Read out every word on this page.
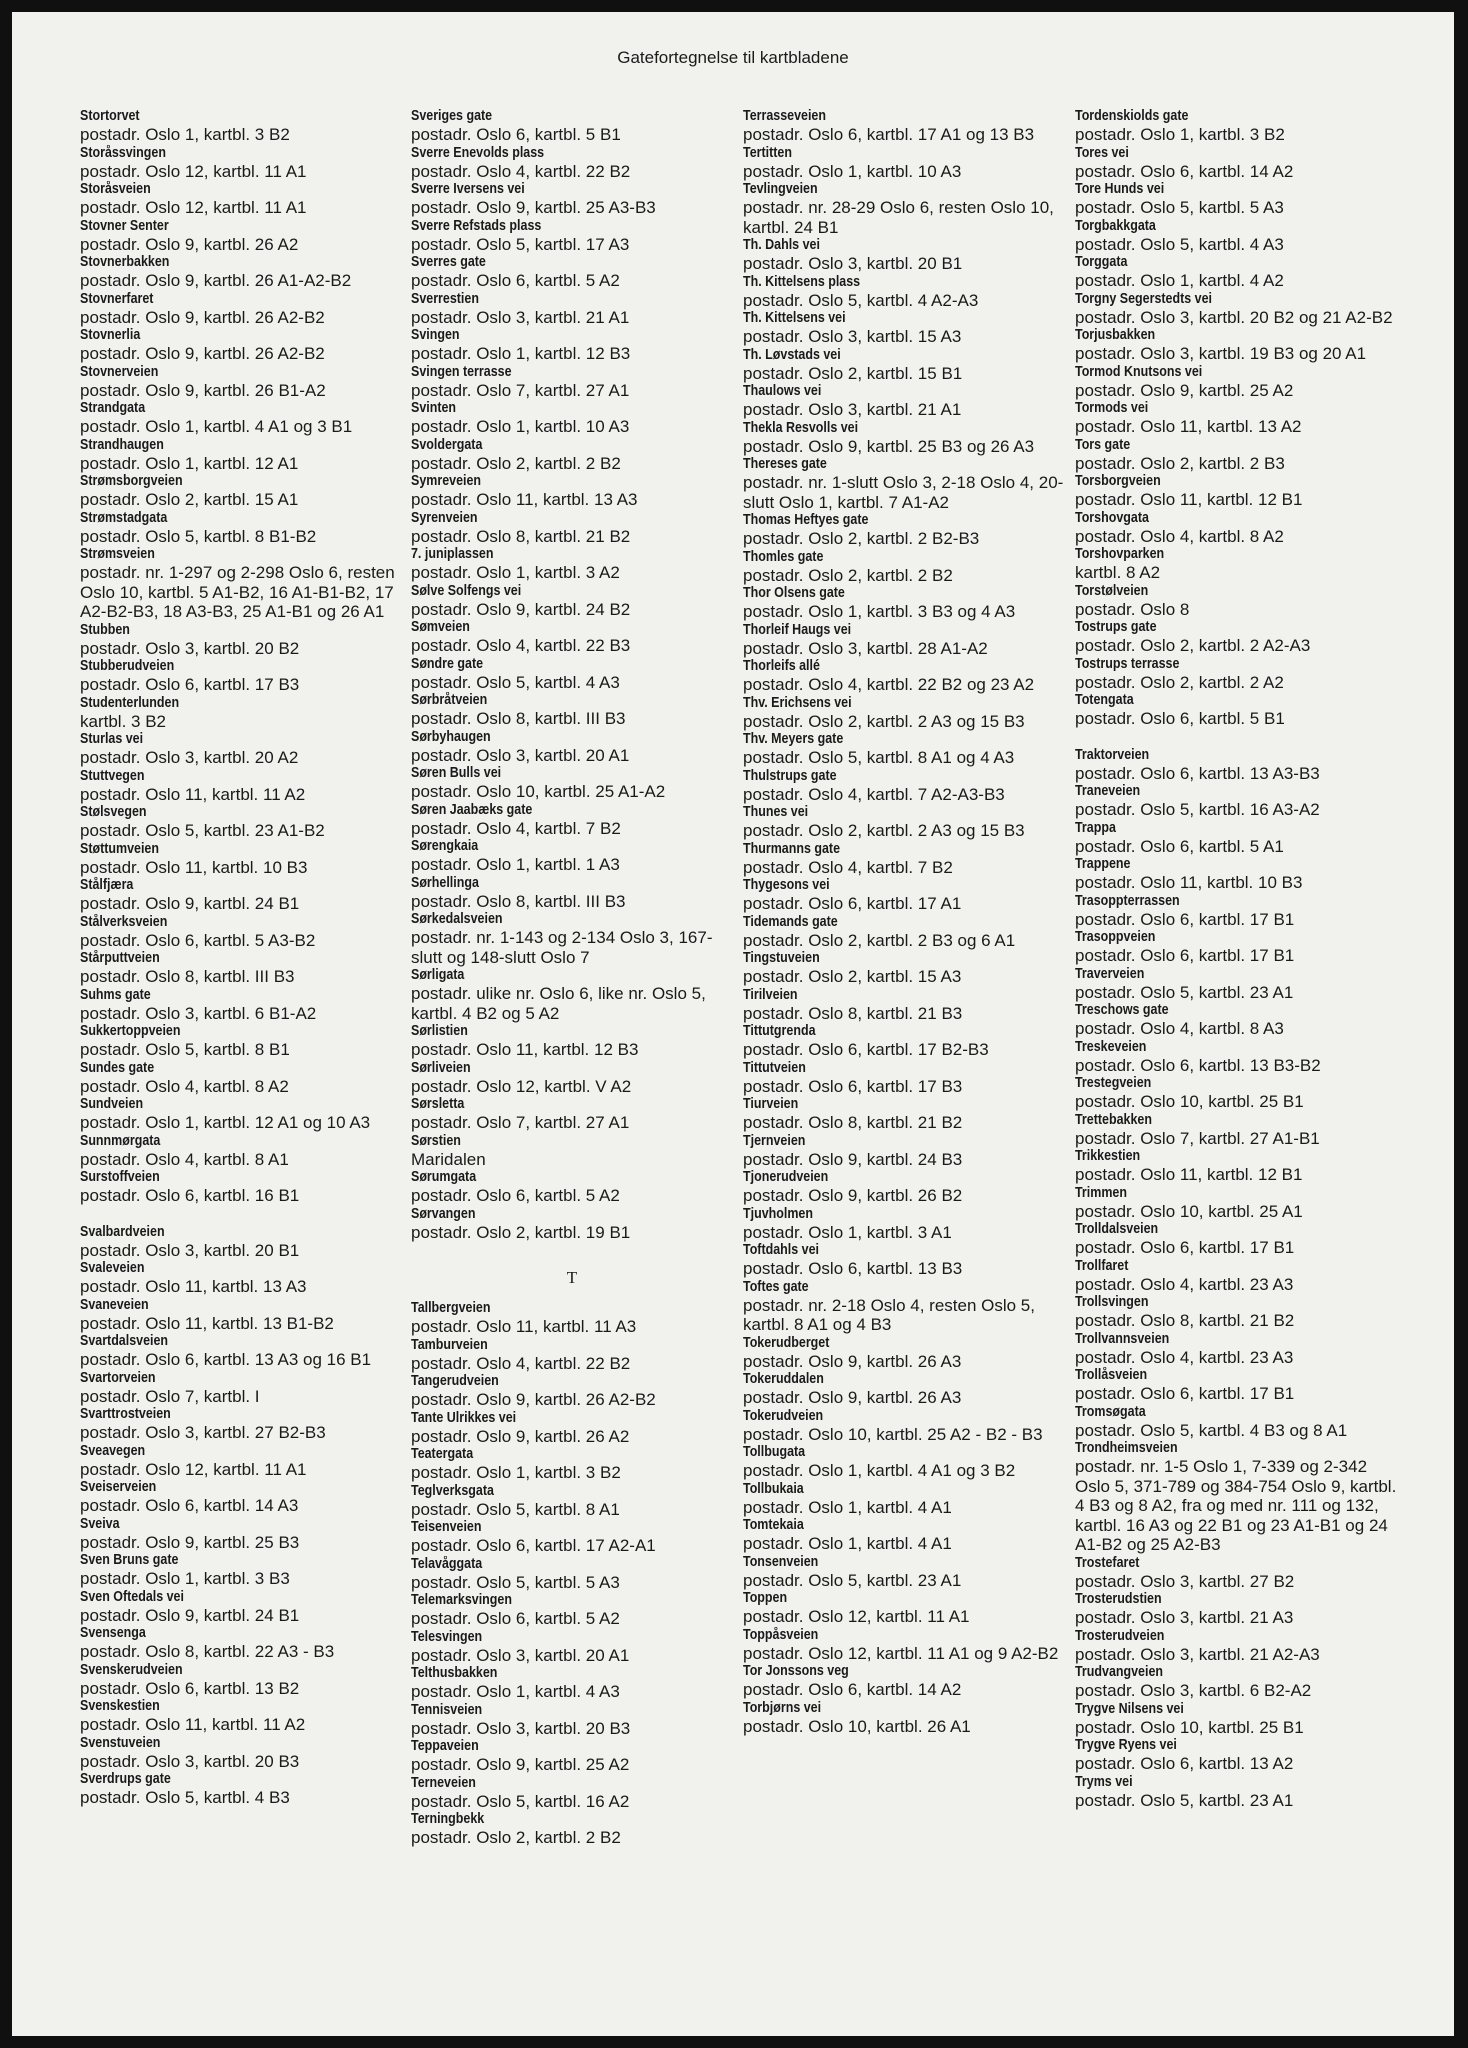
Gatefortegnelse til kartbladene
Stortorvet
postadr. Oslo 1, kartbl. 3 B2
Storåssvingen
postadr. Oslo 12, kartbl. 11 A1
Storåsveien
postadr. Oslo 12, kartbl. 11 A1
Stovner Senter
postadr. Oslo 9, kartbl. 26 A2
Stovnerbakken
postadr. Oslo 9, kartbl. 26 A1-A2-B2
Stovnerfaret
postadr. Oslo 9, kartbl. 26 A2-B2
Stovnerlia
postadr. Oslo 9, kartbl. 26 A2-B2
Stovnerveien
postadr. Oslo 9, kartbl. 26 B1-A2
Strandgata
postadr. Oslo 1, kartbl. 4 A1 og 3 B1
Strandhaugen
postadr. Oslo 1, kartbl. 12 A1
Strømsborgveien
postadr. Oslo 2, kartbl. 15 A1
Strømstadgata
postadr. Oslo 5, kartbl. 8 B1-B2
Strømsveien
postadr. nr. 1-297 og 2-298 Oslo 6, resten Oslo 10, kartbl. 5 A1-B2, 16 A1-B1-B2, 17 A2-B2-B3, 18 A3-B3, 25 A1-B1 og 26 A1
Stubben
postadr. Oslo 3, kartbl. 20 B2
Stubberudveien
postadr. Oslo 6, kartbl. 17 B3
Studenterlunden
kartbl. 3 B2
Sturlas vei
postadr. Oslo 3, kartbl. 20 A2
Stuttvegen
postadr. Oslo 11, kartbl. 11 A2
Stølsvegen
postadr. Oslo 5, kartbl. 23 A1-B2
Støttumveien
postadr. Oslo 11, kartbl. 10 B3
Stålfjæra
postadr. Oslo 9, kartbl. 24 B1
Stålverksveien
postadr. Oslo 6, kartbl. 5 A3-B2
Stårputtveien
postadr. Oslo 8, kartbl. III B3
Suhms gate
postadr. Oslo 3, kartbl. 6 B1-A2
Sukkertoppveien
postadr. Oslo 5, kartbl. 8 B1
Sundes gate
postadr. Oslo 4, kartbl. 8 A2
Sundveien
postadr. Oslo 1, kartbl. 12 A1 og 10 A3
Sunnmørgata
postadr. Oslo 4, kartbl. 8 A1
Surstoffveien
postadr. Oslo 6, kartbl. 16 B1
Svalbardveien
postadr. Oslo 3, kartbl. 20 B1
Svaleveien
postadr. Oslo 11, kartbl. 13 A3
Svaneveien
postadr. Oslo 11, kartbl. 13 B1-B2
Svartdalsveien
postadr. Oslo 6, kartbl. 13 A3 og 16 B1
Svartorveien
postadr. Oslo 7, kartbl. I
Svarttrostveien
postadr. Oslo 3, kartbl. 27 B2-B3
Sveavegen
postadr. Oslo 12, kartbl. 11 A1
Sveiserveien
postadr. Oslo 6, kartbl. 14 A3
Sveiva
postadr. Oslo 9, kartbl. 25 B3
Sven Bruns gate
postadr. Oslo 1, kartbl. 3 B3
Sven Oftedals vei
postadr. Oslo 9, kartbl. 24 B1
Svensenga
postadr. Oslo 8, kartbl. 22 A3 - B3
Svenskerudveien
postadr. Oslo 6, kartbl. 13 B2
Svenskestien
postadr. Oslo 11, kartbl. 11 A2
Svenstuveien
postadr. Oslo 3, kartbl. 20 B3
Sverdrups gate
postadr. Oslo 5, kartbl. 4 B3
Sveriges gate
postadr. Oslo 6, kartbl. 5 B1
Sverre Enevolds plass
postadr. Oslo 4, kartbl. 22 B2
Sverre Iversens vei
postadr. Oslo 9, kartbl. 25 A3-B3
Sverre Refstads plass
postadr. Oslo 5, kartbl. 17 A3
Sverres gate
postadr. Oslo 6, kartbl. 5 A2
Sverrestien
postadr. Oslo 3, kartbl. 21 A1
Svingen
postadr. Oslo 1, kartbl. 12 B3
Svingen terrasse
postadr. Oslo 7, kartbl. 27 A1
Svinten
postadr. Oslo 1, kartbl. 10 A3
Svoldergata
postadr. Oslo 2, kartbl. 2 B2
Symreveien
postadr. Oslo 11, kartbl. 13 A3
Syrenveien
postadr. Oslo 8, kartbl. 21 B2
7. juniplassen
postadr. Oslo 1, kartbl. 3 A2
Sølve Solfengs vei
postadr. Oslo 9, kartbl. 24 B2
Sømveien
postadr. Oslo 4, kartbl. 22 B3
Søndre gate
postadr. Oslo 5, kartbl. 4 A3
Sørbråtveien
postadr. Oslo 8, kartbl. III B3
Sørbyhaugen
postadr. Oslo 3, kartbl. 20 A1
Søren Bulls vei
postadr. Oslo 10, kartbl. 25 A1-A2
Søren Jaabæks gate
postadr. Oslo 4, kartbl. 7 B2
Sørengkaia
postadr. Oslo 1, kartbl. 1 A3
Sørhellinga
postadr. Oslo 8, kartbl. III B3
Sørkedalsveien
postadr. nr. 1-143 og 2-134 Oslo 3, 167-slutt og 148-slutt Oslo 7
Sørligata
postadr. ulike nr. Oslo 6, like nr. Oslo 5, kartbl. 4 B2 og 5 A2
Sørlistien
postadr. Oslo 11, kartbl. 12 B3
Sørliveien
postadr. Oslo 12, kartbl. V A2
Sørsletta
postadr. Oslo 7, kartbl. 27 A1
Sørstien
Maridalen
Sørumgata
postadr. Oslo 6, kartbl. 5 A2
Sørvangen
postadr. Oslo 2, kartbl. 19 B1
T
Tallbergveien
postadr. Oslo 11, kartbl. 11 A3
Tamburveien
postadr. Oslo 4, kartbl. 22 B2
Tangerudveien
postadr. Oslo 9, kartbl. 26 A2-B2
Tante Ulrikkes vei
postadr. Oslo 9, kartbl. 26 A2
Teatergata
postadr. Oslo 1, kartbl. 3 B2
Teglverksgata
postadr. Oslo 5, kartbl. 8 A1
Teisenveien
postadr. Oslo 6, kartbl. 17 A2-A1
Telavåggata
postadr. Oslo 5, kartbl. 5 A3
Telemarksvingen
postadr. Oslo 6, kartbl. 5 A2
Telesvingen
postadr. Oslo 3, kartbl. 20 A1
Telthusbakken
postadr. Oslo 1, kartbl. 4 A3
Tennisveien
postadr. Oslo 3, kartbl. 20 B3
Teppaveien
postadr. Oslo 9, kartbl. 25 A2
Terneveien
postadr. Oslo 5, kartbl. 16 A2
Terningbekk
postadr. Oslo 2, kartbl. 2 B2
Terrasseveien
postadr. Oslo 6, kartbl. 17 A1 og 13 B3
Tertitten
postadr. Oslo 1, kartbl. 10 A3
Tevlingveien
postadr. nr. 28-29 Oslo 6, resten Oslo 10, kartbl. 24 B1
Th. Dahls vei
postadr. Oslo 3, kartbl. 20 B1
Th. Kittelsens plass
postadr. Oslo 5, kartbl. 4 A2-A3
Th. Kittelsens vei
postadr. Oslo 3, kartbl. 15 A3
Th. Løvstads vei
postadr. Oslo 2, kartbl. 15 B1
Thaulows vei
postadr. Oslo 3, kartbl. 21 A1
Thekla Resvolls vei
postadr. Oslo 9, kartbl. 25 B3 og 26 A3
Thereses gate
postadr. nr. 1-slutt Oslo 3, 2-18 Oslo 4, 20-slutt Oslo 1, kartbl. 7 A1-A2
Thomas Heftyes gate
postadr. Oslo 2, kartbl. 2 B2-B3
Thomles gate
postadr. Oslo 2, kartbl. 2 B2
Thor Olsens gate
postadr. Oslo 1, kartbl. 3 B3 og 4 A3
Thorleif Haugs vei
postadr. Oslo 3, kartbl. 28 A1-A2
Thorleifs allé
postadr. Oslo 4, kartbl. 22 B2 og 23 A2
Thv. Erichsens vei
postadr. Oslo 2, kartbl. 2 A3 og 15 B3
Thv. Meyers gate
postadr. Oslo 5, kartbl. 8 A1 og 4 A3
Thulstrups gate
postadr. Oslo 4, kartbl. 7 A2-A3-B3
Thunes vei
postadr. Oslo 2, kartbl. 2 A3 og 15 B3
Thurmanns gate
postadr. Oslo 4, kartbl. 7 B2
Thygesons vei
postadr. Oslo 6, kartbl. 17 A1
Tidemands gate
postadr. Oslo 2, kartbl. 2 B3 og 6 A1
Tingstuveien
postadr. Oslo 2, kartbl. 15 A3
Tirilveien
postadr. Oslo 8, kartbl. 21 B3
Tittutgrenda
postadr. Oslo 6, kartbl. 17 B2-B3
Tittutveien
postadr. Oslo 6, kartbl. 17 B3
Tiurveien
postadr. Oslo 8, kartbl. 21 B2
Tjernveien
postadr. Oslo 9, kartbl. 24 B3
Tjonerudveien
postadr. Oslo 9, kartbl. 26 B2
Tjuvholmen
postadr. Oslo 1, kartbl. 3 A1
Toftdahls vei
postadr. Oslo 6, kartbl. 13 B3
Toftes gate
postadr. nr. 2-18 Oslo 4, resten Oslo 5, kartbl. 8 A1 og 4 B3
Tokerudberget
postadr. Oslo 9, kartbl. 26 A3
Tokeruddalen
postadr. Oslo 9, kartbl. 26 A3
Tokerudveien
postadr. Oslo 10, kartbl. 25 A2 - B2 - B3
Tollbugata
postadr. Oslo 1, kartbl. 4 A1 og 3 B2
Tollbukaia
postadr. Oslo 1, kartbl. 4 A1
Tomtekaia
postadr. Oslo 1, kartbl. 4 A1
Tonsenveien
postadr. Oslo 5, kartbl. 23 A1
Toppen
postadr. Oslo 12, kartbl. 11 A1
Toppåsveien
postadr. Oslo 12, kartbl. 11 A1 og 9 A2-B2
Tor Jonssons veg
postadr. Oslo 6, kartbl. 14 A2
Torbjørns vei
postadr. Oslo 10, kartbl. 26 A1
Tordenskiolds gate
postadr. Oslo 1, kartbl. 3 B2
Tores vei
postadr. Oslo 6, kartbl. 14 A2
Tore Hunds vei
postadr. Oslo 5, kartbl. 5 A3
Torgbakkgata
postadr. Oslo 5, kartbl. 4 A3
Torggata
postadr. Oslo 1, kartbl. 4 A2
Torgny Segerstedts vei
postadr. Oslo 3, kartbl. 20 B2 og 21 A2-B2
Torjusbakken
postadr. Oslo 3, kartbl. 19 B3 og 20 A1
Tormod Knutsons vei
postadr. Oslo 9, kartbl. 25 A2
Tormods vei
postadr. Oslo 11, kartbl. 13 A2
Tors gate
postadr. Oslo 2, kartbl. 2 B3
Torsborgveien
postadr. Oslo 11, kartbl. 12 B1
Torshovgata
postadr. Oslo 4, kartbl. 8 A2
Torshovparken
kartbl. 8 A2
Torstølveien
postadr. Oslo 8
Tostrups gate
postadr. Oslo 2, kartbl. 2 A2-A3
Tostrups terrasse
postadr. Oslo 2, kartbl. 2 A2
Totengata
postadr. Oslo 6, kartbl. 5 B1
Traktorveien
postadr. Oslo 6, kartbl. 13 A3-B3
Traneveien
postadr. Oslo 5, kartbl. 16 A3-A2
Trappa
postadr. Oslo 6, kartbl. 5 A1
Trappene
postadr. Oslo 11, kartbl. 10 B3
Trasoppterrassen
postadr. Oslo 6, kartbl. 17 B1
Trasoppveien
postadr. Oslo 6, kartbl. 17 B1
Traverveien
postadr. Oslo 5, kartbl. 23 A1
Treschows gate
postadr. Oslo 4, kartbl. 8 A3
Treskeveien
postadr. Oslo 6, kartbl. 13 B3-B2
Trestegveien
postadr. Oslo 10, kartbl. 25 B1
Trettebakken
postadr. Oslo 7, kartbl. 27 A1-B1
Trikkestien
postadr. Oslo 11, kartbl. 12 B1
Trimmen
postadr. Oslo 10, kartbl. 25 A1
Trolldalsveien
postadr. Oslo 6, kartbl. 17 B1
Trollfaret
postadr. Oslo 4, kartbl. 23 A3
Trollsvingen
postadr. Oslo 8, kartbl. 21 B2
Trollvannsveien
postadr. Oslo 4, kartbl. 23 A3
Trollåsveien
postadr. Oslo 6, kartbl. 17 B1
Tromsøgata
postadr. Oslo 5, kartbl. 4 B3 og 8 A1
Trondheimsveien
postadr. nr. 1-5 Oslo 1, 7-339 og 2-342 Oslo 5, 371-789 og 384-754 Oslo 9, kartbl. 4 B3 og 8 A2, fra og med nr. 111 og 132, kartbl. 16 A3 og 22 B1 og 23 A1-B1 og 24 A1-B2 og 25 A2-B3
Trostefaret
postadr. Oslo 3, kartbl. 27 B2
Trosterudstien
postadr. Oslo 3, kartbl. 21 A3
Trosterudveien
postadr. Oslo 3, kartbl. 21 A2-A3
Trudvangveien
postadr. Oslo 3, kartbl. 6 B2-A2
Trygve Nilsens vei
postadr. Oslo 10, kartbl. 25 B1
Trygve Ryens vei
postadr. Oslo 6, kartbl. 13 A2
Tryms vei
postadr. Oslo 5, kartbl. 23 A1
